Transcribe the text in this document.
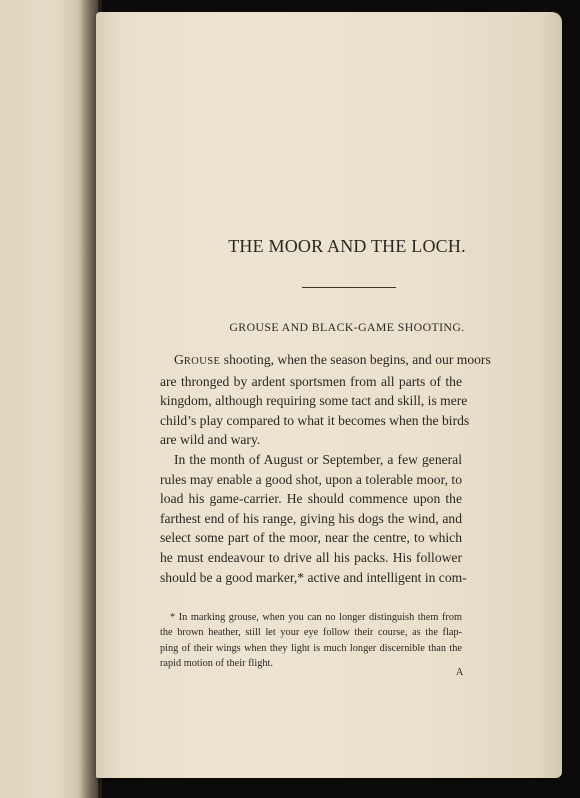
THE MOOR AND THE LOCH.
GROUSE AND BLACK-GAME SHOOTING.
GROUSE shooting, when the season begins, and our moors
are thronged by ardent sportsmen from all parts of the
kingdom, although requiring some tact and skill, is mere
child’s play compared to what it becomes when the birds
are wild and wary.
In the month of August or September, a few general
rules may enable a good shot, upon a tolerable moor, to
load his game-carrier. He should commence upon the
farthest end of his range, giving his dogs the wind, and
select some part of the moor, near the centre, to which
he must endeavour to drive all his packs. His follower
should be a good marker,* active and intelligent in com-
* In marking grouse, when you can no longer distinguish them from
the brown heather, still let your eye follow their course, as the flap-
ping of their wings when they light is much longer discernible than the
rapid motion of their flight.
A
